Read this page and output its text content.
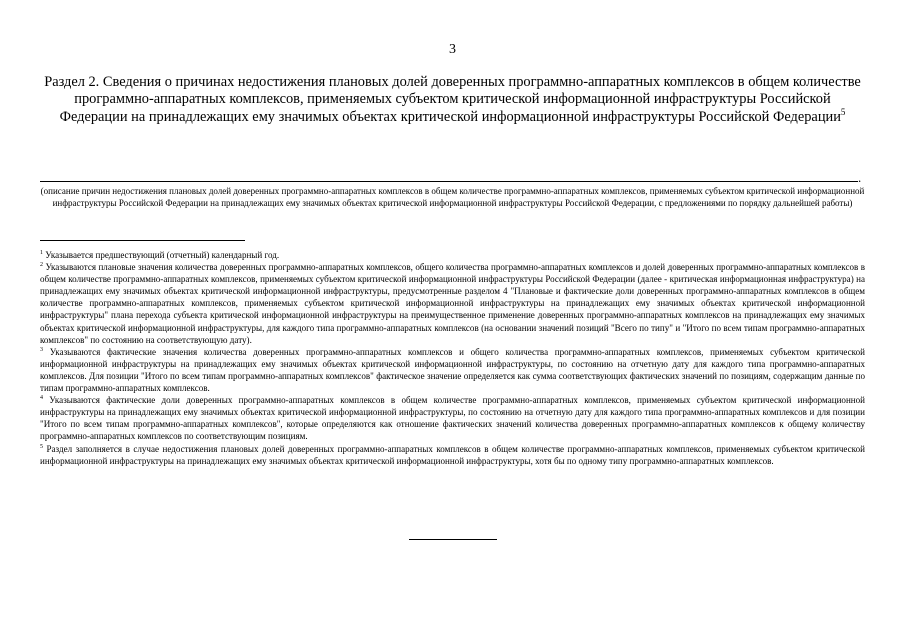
3
Раздел 2. Сведения о причинах недостижения плановых долей доверенных программно-аппаратных комплексов в общем количестве программно-аппаратных комплексов, применяемых субъектом критической информационной инфраструктуры Российской Федерации на принадлежащих ему значимых объектах критической информационной инфраструктуры Российской Федерации$^5$
.
(описание причин недостижения плановых долей доверенных программно-аппаратных комплексов в общем количестве программно-аппаратных комплексов, применяемых субъектом критической информационной инфраструктуры Российской Федерации на принадлежащих ему значимых объектах критической информационной инфраструктуры Российской Федерации, с предложениями по порядку дальнейшей работы)

$^1$ Указывается предшествующий (отчетный) календарный год.

$^2$ Указываются плановые значения количества доверенных программно-аппаратных комплексов, общего количества программно-аппаратных комплексов и долей доверенных программно-аппаратных комплексов в общем количестве программно-аппаратных комплексов, применяемых субъектом критической информационной инфраструктуры Российской Федерации (далее - критическая информационная инфраструктура) на принадлежащих ему значимых объектах критической информационной инфраструктуры, предусмотренные разделом 4 "Плановые и фактические доли доверенных программно-аппаратных комплексов в общем количестве программно-аппаратных комплексов, применяемых субъектом критической информационной инфраструктуры на принадлежащих ему значимых объектах критической информационной инфраструктуры" плана перехода субъекта критической информационной инфраструктуры на преимущественное применение доверенных программно-аппаратных комплексов на принадлежащих ему значимых объектах критической информационной инфраструктуры, для каждого типа программно-аппаратных комплексов (на основании значений позиций "Всего по типу" и "Итого по всем типам программно-аппаратных комплексов" по состоянию на соответствующую дату).

$^3$ Указываются фактические значения количества доверенных программно-аппаратных комплексов и общего количества программно-аппаратных комплексов, применяемых субъектом критической информационной инфраструктуры на принадлежащих ему значимых объектах критической информационной инфраструктуры, по состоянию на отчетную дату для каждого типа программно-аппаратных комплексов. Для позиции "Итого по всем типам программно-аппаратных комплексов" фактическое значение определяется как сумма соответствующих фактических значений по позициям, содержащим данные по типам программно-аппаратных комплексов.

$^4$ Указываются фактические доли доверенных программно-аппаратных комплексов в общем количестве программно-аппаратных комплексов, применяемых субъектом критической информационной инфраструктуры на принадлежащих ему значимых объектах критической информационной инфраструктуры, по состоянию на отчетную дату для каждого типа программно-аппаратных комплексов и для позиции "Итого по всем типам программно-аппаратных комплексов", которые определяются как отношение фактических значений количества доверенных программно-аппаратных комплексов к общему количеству программно-аппаратных комплексов по соответствующим позициям.

$^5$ Раздел заполняется в случае недостижения плановых долей доверенных программно-аппаратных комплексов в общем количестве программно-аппаратных комплексов, применяемых субъектом критической информационной инфраструктуры на принадлежащих ему значимых объектах критической информационной инфраструктуры, хотя бы по одному типу программно-аппаратных комплексов.
